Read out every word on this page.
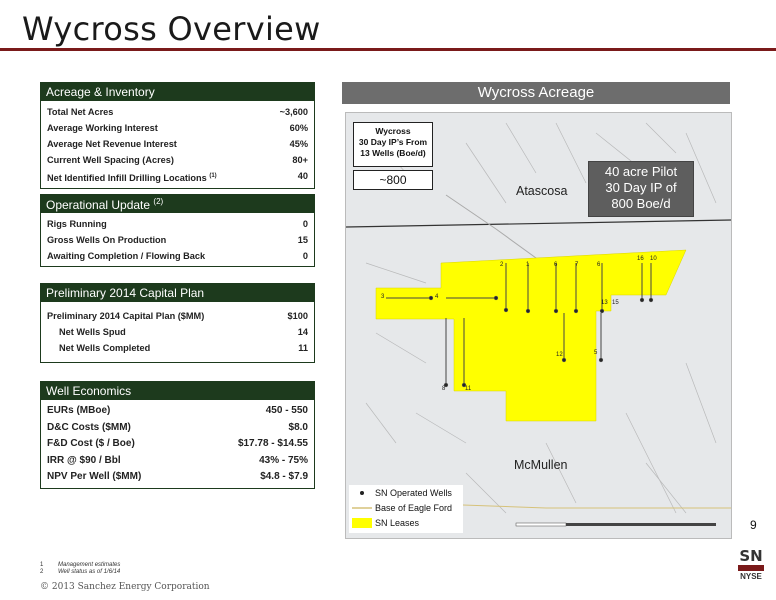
Wycross Overview
Acreage & Inventory
Total Net Acres	~3,600
Average Working Interest	60%
Average Net Revenue Interest	45%
Current Well Spacing (Acres)	80+
Net Identified Infill Drilling Locations $^{(1)}$	40
Operational Update $^{(2)}$
Rigs Running	0
Gross Wells On Production	15
Awaiting Completion / Flowing Back	0
Preliminary 2014 Capital Plan
Preliminary 2014 Capital Plan ($MM)	$100
Net Wells Spud	14
Net Wells Completed	11
Well Economics
EURs (MBoe)	450 - 550
D&C Costs ($MM)	$8.0
F&D Cost ($ / Boe)	$17.78 - $14.55
IRR @ $90 / Bbl	43% - 75%
NPV Per Well ($MM)	$4.8 - $7.9
Wycross Acreage
2	1	6	7	6
16 10
3	4
13 15
12	5
8	11
Wycross
30 Day IP’s From
13 Wells (Boe/d)
~800
40 acre Pilot
30 Day IP of
800 Boe/d
Atascosa
McMullen
SN Operated Wells
Base of Eagle Ford
SN Leases	9
SN
NYSE
1 Management estimates
2 Well status as of 1/6/14
© 2013 Sanchez Energy Corporation
